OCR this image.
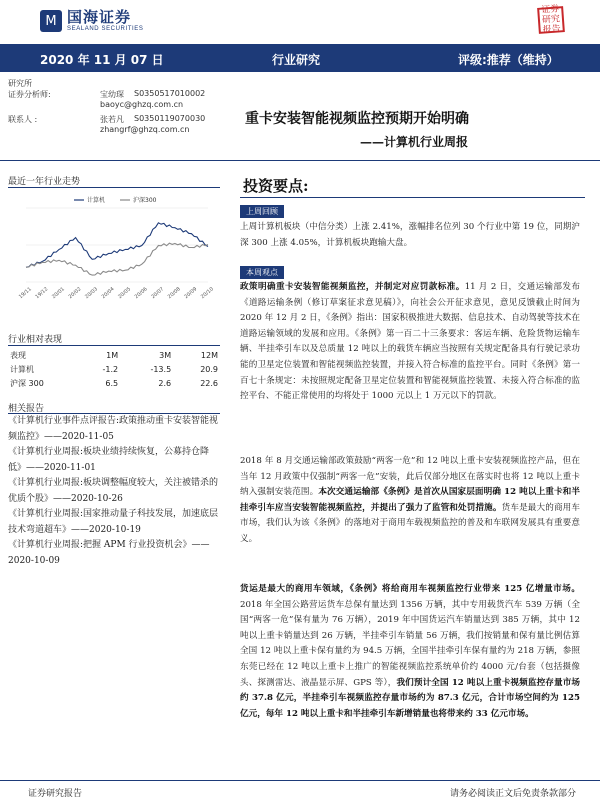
M 国海证券
SEALAND SECURITIES
证券研究报告
2020 年 11 月 07 日	行业研究	评级:推荐（维持）
研究所
证券分析师:	宝幼琛 S0350517010002
baoyc@ghzq.com.cn
联系人 :	张若凡 S0350119070030
zhangrf@ghzq.com.cn
重卡安装智能视频监控预期开始明确
——计算机行业周报
最近一年行业走势
计算机	沪深300
19/11 19/12 20/01 20/02 20/03 20/04 20/05 20/06 20/07 20/08 20/09 20/10
行业相对表现
表现	1M	3M	12M
计算机	-1.2	-13.5	20.9
沪深 300	6.5	2.6	22.6
相关报告
《计算机行业事件点评报告:政策推动重卡安装智能视频监控》——2020-11-05
《计算机行业周报:板块业绩持续恢复，公募持仓降低》——2020-11-01
《计算机行业周报:板块调整幅度较大，关注被错杀的优质个股》——2020-10-26
《计算机行业周报:国家推动量子科技发展，加速底层技术弯道超车》——2020-10-19
《计算机行业周报:把握 APM 行业投资机会》——2020-10-09
投资要点:
上周回顾
上周计算机板块（中信分类）上涨 2.41%，涨幅排名位列 30 个行业中第 19 位，同期沪深 300 上涨 4.05%，计算机板块跑输大盘。
本周观点
政策明确重卡安装智能视频监控，并制定对应罚款标准。11 月 2 日，交通运输部发布《道路运输条例（修订草案征求意见稿）》，向社会公开征求意见，意见反馈截止时间为 2020 年 12 月 2 日，《条例》指出：国家积极推进大数据、信息技术、自动驾驶等技术在道路运输领域的发展和应用。《条例》第一百二十三条要求：客运车辆、危险货物运输车辆、半挂牵引车以及总质量 12 吨以上的载货车辆应当按照有关规定配备具有行驶记录功能的卫星定位装置和智能视频监控装置，并接入符合标准的监控平台。同时《条例》第一百七十条规定：未按照规定配备卫星定位装置和智能视频监控装置、未接入符合标准的监控平台、不能正常使用的均将处于 1000 元以上 1 万元以下的罚款。
2018 年 8 月交通运输部政策鼓励“两客一危”和 12 吨以上重卡安装视频监控产品，但在当年 12 月政策中仅强制“两客一危”安装，此后仅部分地区在落实时也将 12 吨以上重卡纳入强制安装范围。本次交通运输部《条例》是首次从国家层面明确 12 吨以上重卡和半挂牵引车应当安装智能视频监控，并提出了强力了监管和处罚措施。货车是最大的商用车市场，我们认为该《条例》的落地对于商用车载视频监控的普及和车联网发展具有重要意义。
货运是最大的商用车领域，《条例》将给商用车视频监控行业带来 125 亿增量市场。2018 年全国公路营运货车总保有量达到 1356 万辆，其中专用载货汽车 539 万辆（全国“两客一危”保有量为 76 万辆），2019 年中国货运汽车销量达到 385 万辆，其中 12 吨以上重卡销量达到 26 万辆，半挂牵引车销量 56 万辆，我们按销量和保有量比例估算全国 12 吨以上重卡保有量约为 94.5 万辆，全国半挂牵引车保有量约为 218 万辆，参照东莞已经在 12 吨以上重卡上推广的智能视频监控系统单价约 4000 元/台套（包括摄像头、探测雷达、液晶显示屏、GPS 等），我们预计全国 12 吨以上重卡视频监控存量市场约 37.8 亿元，半挂牵引车视频监控存量市场约为 87.3 亿元，合计市场空间约为 125 亿元，每年 12 吨以上重卡和半挂牵引车新增销量也将带来约 33 亿元市场。
证券研究报告	请务必阅读正文后免责条款部分
